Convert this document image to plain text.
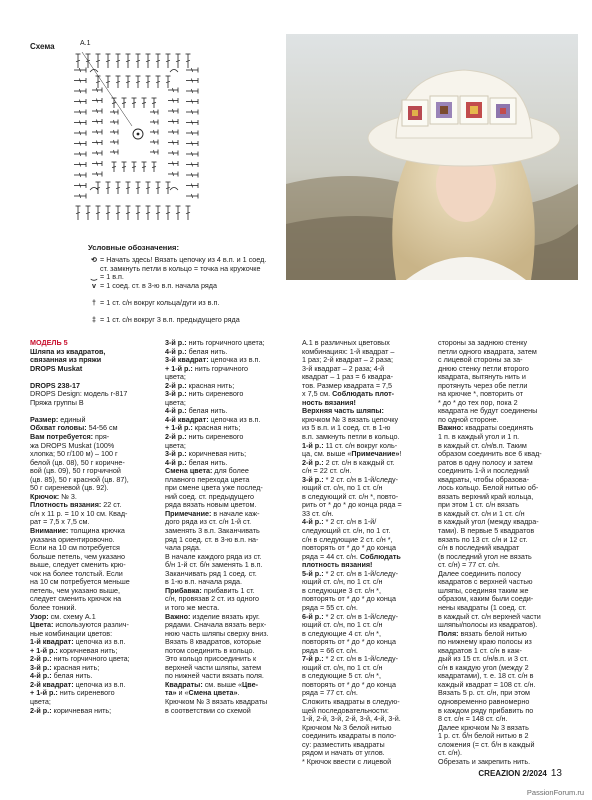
Схема	A.1
Условные обозначения:
⟲ = Начать здесь! Вязать цепочку из 4 в.п. и 1 соед.
ст. замкнуть петли в кольцо = точка на кружочке
‿ = 1 в.п.
v = 1 соед. ст. в 3-ю в.п. начала ряда
† = 1 ст. с/н вокруг кольца/дуги из в.п.
‡ = 1 ст. с/н вокруг 3 в.п. предыдущего ряда

МОДЕЛЬ 5

Шляпа из квадратов,

связанная из пряжи

DROPS Muskat

DROPS 238-17

DROPS Design: модель r-817

Пряжа группы В

Размер: единый

Обхват головы: 54-56 см

Вам потребуется: пря-

жа DROPS Muskat (100%

хлопка; 50 г/100 м) – 100 г

белой (цв. 08), 50 г коричне-

вой (цв. 09), 50 г горчичной

(цв. 85), 50 г красной (цв. 87),

50 г сиреневой (цв. 92).

Крючок: № 3.

Плотность вязания: 22 ст.

с/н х 11 р. = 10 х 10 см. Квад-

рат = 7,5 х 7,5 см.

Внимание: толщина крючка

указана ориентировочно.

Если на 10 см потребуется

больше петель, чем указано

выше, следует сменить крю-

чок на более толстый. Если

на 10 см потребуется меньше

петель, чем указано выше,

следует сменить крючок на

более тонкий.

Узор: см. схему А.1

Цвета: используются различ-

ные комбинации цветов:

1-й квадрат: цепочка из в.п.

+ 1-й р.: коричневая нить;

2-й р.: нить горчичного цвета;

3-й р.: красная нить;

4-й р.: белая нить.

2-й квадрат: цепочка из в.п.

+ 1-й р.: нить сиреневого

цвета;

2-й р.: коричневая нить;

3-й р.: нить горчичного цвета;

4-й р.: белая нить.

3-й квадрат: цепочка из в.п.

+ 1-й р.: нить горчичного

цвета;

2-й р.: красная нить;

3-й р.: нить сиреневого

цвета;

4-й р.: белая нить.

4-й квадрат: цепочка из в.п.

+ 1-й р.: красная нить;

2-й р.: нить сиреневого

цвета;

3-й р.: коричневая нить;

4-й р.: белая нить.

Смена цвета: для более

плавного перехода цвета

при смене цвета уже послед-

ний соед. ст. предыдущего

ряда вязать новым цветом.

Примечание: в начале каж-

дого ряда из ст. с/н 1-й ст.

заменять 3 в.п. Заканчивать

ряд 1 соед. ст. в 3-ю в.п. на-

чала ряда.

В начале каждого ряда из ст.

б/н 1-й ст. б/н заменять 1 в.п.

Заканчивать ряд 1 соед. ст.

в 1-ю в.п. начала ряда.

Прибавка: прибавить 1 ст.

с/н, провязав 2 ст. из одного

и того же места.

Важно: изделие вязать круг.

рядами. Сначала вязать верх-

нюю часть шляпы сверху вниз.

Вязать 8 квадратов, которые

потом соединить в кольцо.

Это кольцо присоединить к

верхней части шляпы, затем

по нижней части вязать поля.

Квадраты: см. выше «Цве-

та» и «Смена цвета».

Крючком № 3 вязать квадраты

в соответствии со схемой

A.1 в различных цветовых

комбинациях: 1-й квадрат –

1 раз; 2-й квадрат – 2 раза;

3-й квадрат – 2 раза; 4-й

квадрат – 1 раз = 6 квадра-

тов. Размер квадрата = 7,5

х 7,5 см. Соблюдать плот-

ность вязания!

Верхняя часть шляпы:

крючком № 3 вязать цепочку

из 5 в.п. и 1 соед. ст. в 1-ю

в.п. замкнуть петли в кольцо.

1-й р.: 11 ст. с/н вокруг коль-

ца, см. выше «Примечание»!

2-й р.: 2 ст. с/н в каждый ст.

с/н = 22 ст. с/н.

3-й р.: * 2 ст. с/н в 1-й/следу-

ющий ст. с/н, по 1 ст. с/н

в следующий ст. с/н *, повто-

рить от * до * до конца ряда =

33 ст. с/н.

4-й р.: * 2 ст. с/н в 1-й/

следующий ст. с/н, по 1 ст.

с/н в следующие 2 ст. с/н *,

повторять от * до * до конца

ряда = 44 ст. с/н. Соблюдать

плотность вязания!

5-й р.: * 2 ст. с/н в 1-й/следу-

ющий ст. с/н, по 1 ст. с/н

в следующие 3 ст. с/н *,

повторять от * до * до конца

ряда = 55 ст. с/н.

6-й р.: * 2 ст. с/н в 1-й/следу-

ющий ст. с/н, по 1 ст. с/н

в следующие 4 ст. с/н *,

повторять от * до * до конца

ряда = 66 ст. с/н.

7-й р.: * 2 ст. с/н в 1-й/следу-

ющий ст. с/н, по 1 ст. с/н

в следующие 5 ст. с/н *,

повторять от * до * до конца

ряда = 77 ст. с/н.

Сложить квадраты в следую-

щей последовательности:

1-й, 2-й, 3-й, 2-й, 3-й, 4-й, 3-й.

Крючком № 3 белой нитью

соединить квадраты в поло-

су: разместить квадраты

рядом и начать от углов.

* Крючок ввести с лицевой

стороны за заднюю стенку

петли одного квадрата, затем

с лицевой стороны за за-

днюю стенку петли второго

квадрата, вытянуть нить и

протянуть через обе петли

на крючке *, повторить от

* до * до тех пор, пока 2

квадрата не будут соединены

по одной стороне.

Важно: квадраты соединять

1 п. в каждый угол и 1 п.

в каждый ст. с/н/в.п. Таким

образом соединить все 6 квад-

ратов в одну полосу и затем

соединить 1-й и последний

квадраты, чтобы образова-

лось кольцо. Белой нитью об-

вязать верхний край кольца,

при этом 1 ст. с/н вязать

в каждый ст. с/н и 1 ст. с/н

в каждый угол (между квадра-

тами). В первые 5 квадратов

вязать по 13 ст. с/н и 12 ст.

с/н в последний квадрат

(в последний угол не вязать

ст. с/н) = 77 ст. с/н.

Далее соединить полосу

квадратов с верхней частью

шляпы, соединяя таким же

образом, каким были соеди-

нены квадраты (1 соед. ст.

в каждый ст. с/н верхней части

шляпы/полосы из квадратов).

Поля: вязать белой нитью

по нижнему краю полосы из

квадратов 1 ст. с/н в каж-

дый из 15 ст. с/н/в.п. и 3 ст.

с/н в каждую угол (между 2

квадратами), т. е. 18 ст. с/н в

каждый квадрат = 108 ст. с/н.

Вязать 5 р. ст. с/н, при этом

одновременно равномерно

в каждом ряду прибавить по

8 ст. с/н = 148 ст. с/н.

Далее крючком № 3 вязать

1 р. ст. б/н белой нитью в 2

сложения (= ст. б/н в каждый

ст. с/н).

Обрезать и закрепить нить.

CREAZION 2/2024 13
PassionForum.ru
